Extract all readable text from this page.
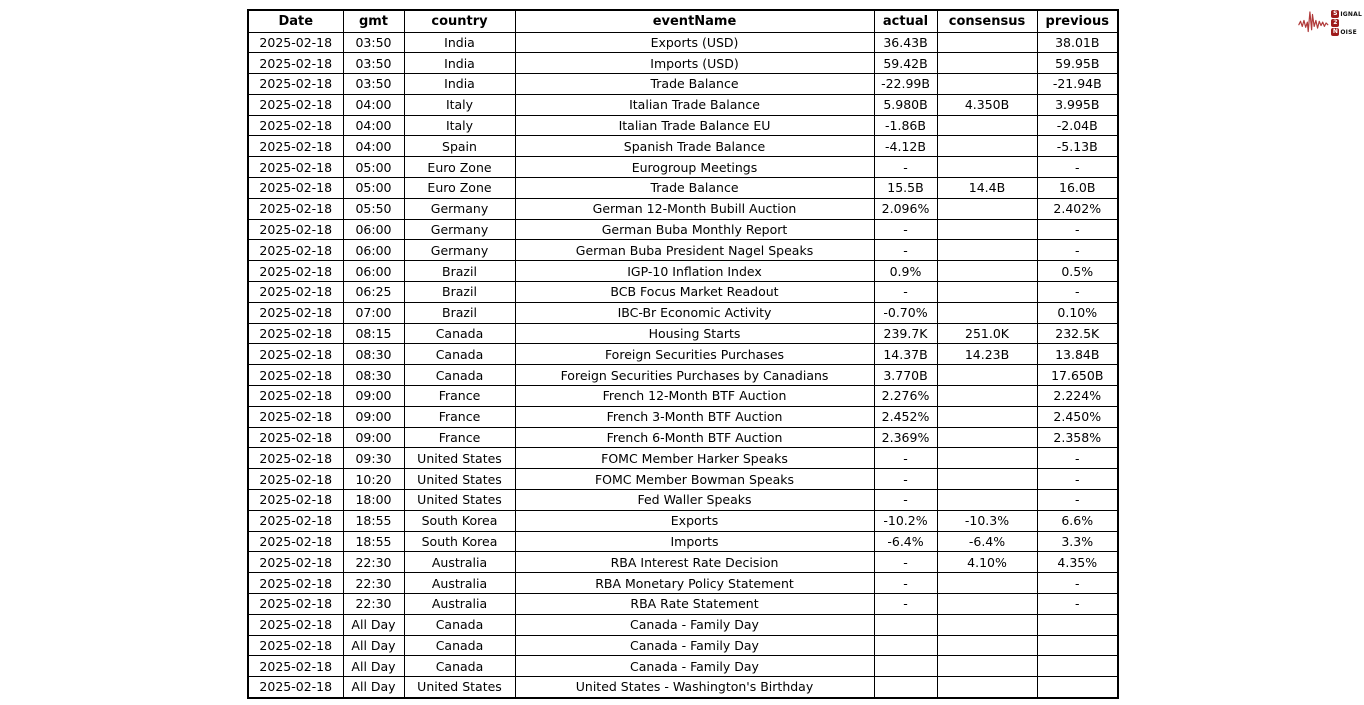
Date	gmt	country	eventName	actual	consensus	previous
2025-02-18	03:50	India	Exports (USD)	36.43B		38.01B
2025-02-18	03:50	India	Imports (USD)	59.42B		59.95B
2025-02-18	03:50	India	Trade Balance	-22.99B		-21.94B
2025-02-18	04:00	Italy	Italian Trade Balance	5.980B	4.350B	3.995B
2025-02-18	04:00	Italy	Italian Trade Balance EU	-1.86B		-2.04B
2025-02-18	04:00	Spain	Spanish Trade Balance	-4.12B		-5.13B
2025-02-18	05:00	Euro Zone	Eurogroup Meetings	-		-
2025-02-18	05:00	Euro Zone	Trade Balance	15.5B	14.4B	16.0B
2025-02-18	05:50	Germany	German 12-Month Bubill Auction	2.096%		2.402%
2025-02-18	06:00	Germany	German Buba Monthly Report	-		-
2025-02-18	06:00	Germany	German Buba President Nagel Speaks	-		-
2025-02-18	06:00	Brazil	IGP-10 Inflation Index	0.9%		0.5%
2025-02-18	06:25	Brazil	BCB Focus Market Readout	-		-
2025-02-18	07:00	Brazil	IBC-Br Economic Activity	-0.70%		0.10%
2025-02-18	08:15	Canada	Housing Starts	239.7K	251.0K	232.5K
2025-02-18	08:30	Canada	Foreign Securities Purchases	14.37B	14.23B	13.84B
2025-02-18	08:30	Canada	Foreign Securities Purchases by Canadians	3.770B		17.650B
2025-02-18	09:00	France	French 12-Month BTF Auction	2.276%		2.224%
2025-02-18	09:00	France	French 3-Month BTF Auction	2.452%		2.450%
2025-02-18	09:00	France	French 6-Month BTF Auction	2.369%		2.358%
2025-02-18	09:30	United States	FOMC Member Harker Speaks	-		-
2025-02-18	10:20	United States	FOMC Member Bowman Speaks	-		-
2025-02-18	18:00	United States	Fed Waller Speaks	-		-
2025-02-18	18:55	South Korea	Exports	-10.2%	-10.3%	6.6%
2025-02-18	18:55	South Korea	Imports	-6.4%	-6.4%	3.3%
2025-02-18	22:30	Australia	RBA Interest Rate Decision	-	4.10%	4.35%
2025-02-18	22:30	Australia	RBA Monetary Policy Statement	-		-
2025-02-18	22:30	Australia	RBA Rate Statement	-		-
2025-02-18	All Day	Canada	Canada - Family Day			
2025-02-18	All Day	Canada	Canada - Family Day			
2025-02-18	All Day	Canada	Canada - Family Day			
2025-02-18	All Day	United States	United States - Washington's Birthday			
S IGNAL
2
N OISE
